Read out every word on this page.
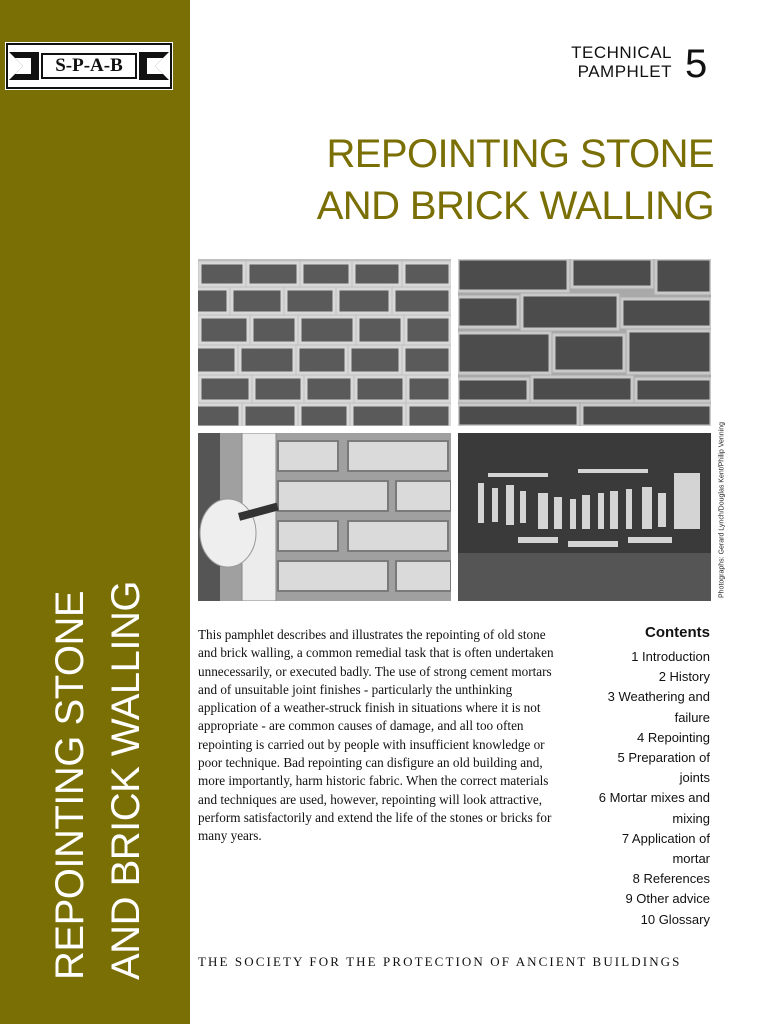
S-P-A-B
REPOINTING STONE AND BRICK WALLING
TECHNICAL
PAMPHLET 5
REPOINTING STONE
AND BRICK WALLING
Photographs: Gerard Lynch/Douglas Kent/Philip Venning

This pamphlet describes and illustrates the repointing of old stone and brick walling, a common remedial task that is often undertaken unnecessarily, or executed badly. The use of strong cement mortars and of unsuitable joint finishes - particularly the unthinking application of a weather-struck finish in situations where it is not appropriate - are common causes of damage, and all too often repointing is carried out by people with insufficient knowledge or poor technique. Bad repointing can disfigure an old building and, more importantly, harm historic fabric. When the correct materials and techniques are used, however, repointing will look attractive, perform satisfactorily and extend the life of the stones or bricks for many years.

Contents
1 Introduction
2 History
3 Weathering and failure
4 Repointing
5 Preparation of joints
6 Mortar mixes and mixing
7 Application of mortar
8 References
9 Other advice
10 Glossary
THE SOCIETY FOR THE PROTECTION OF ANCIENT BUILDINGS
